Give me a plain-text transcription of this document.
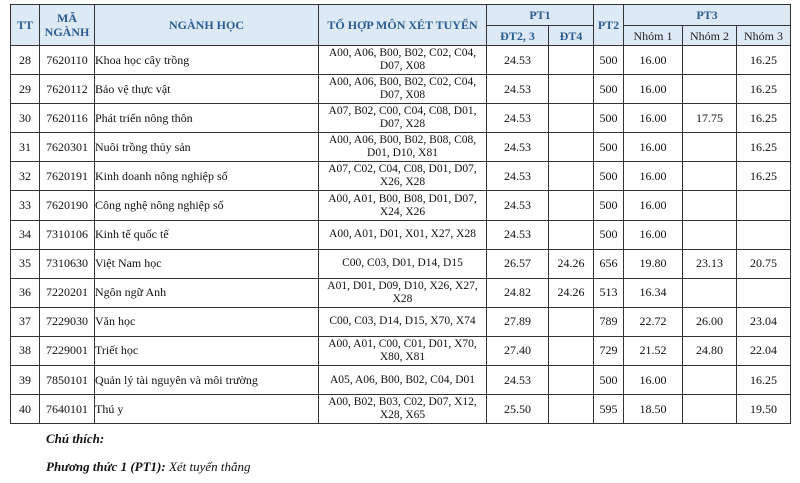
TT	MÃ NGÀNH	NGÀNH HỌC	TỔ HỢP MÔN XÉT TUYỂN	PT1		PT2	PT3		
				ĐT2, 3	ĐT4		Nhóm 1	Nhóm 2	Nhóm 3
28	7620110	Khoa học cây trồng	A00, A06, B00, B02, C02, C04, D07, X08	24.53		500	16.00		16.25
29	7620112	Bảo vệ thực vật	A00, A06, B00, B02, C02, C04, D07, X08	24.53		500	16.00		16.25
30	7620116	Phát triển nông thôn	A07, B02, C00, C04, C08, D01, D07, X28	24.53		500	16.00	17.75	16.25
31	7620301	Nuôi trồng thủy sản	A00, A06, B00, B02, B08, C08, D01, D10, X81	24.53		500	16.00		16.25
32	7620191	Kinh doanh nông nghiệp số	A07, C02, C04, C08, D01, D07, X26, X28	24.53		500	16.00		16.25
33	7620190	Công nghệ nông nghiệp số	A00, A01, B00, B08, D01, D07, X24, X26	24.53		500	16.00		
34	7310106	Kinh tế quốc tế	A00, A01, D01, X01, X27, X28	24.53		500	16.00		
35	7310630	Việt Nam học	C00, C03, D01, D14, D15	26.57	24.26	656	19.80	23.13	20.75
36	7220201	Ngôn ngữ Anh	A01, D01, D09, D10, X26, X27, X28	24.82	24.26	513	16.34		
37	7229030	Văn học	C00, C03, D14, D15, X70, X74	27.89		789	22.72	26.00	23.04
38	7229001	Triết học	A00, A01, C00, C01, D01, X70, X80, X81	27.40		729	21.52	24.80	22.04
39	7850101	Quản lý tài nguyên và môi trường	A05, A06, B00, B02, C04, D01	24.53		500	16.00		16.25
40	7640101	Thú y	A00, B02, B03, C02, D07, X12, X28, X65	25.50		595	18.50		19.50
Chú thích:
Phương thức 1 (PT1): Xét tuyển thẳng
